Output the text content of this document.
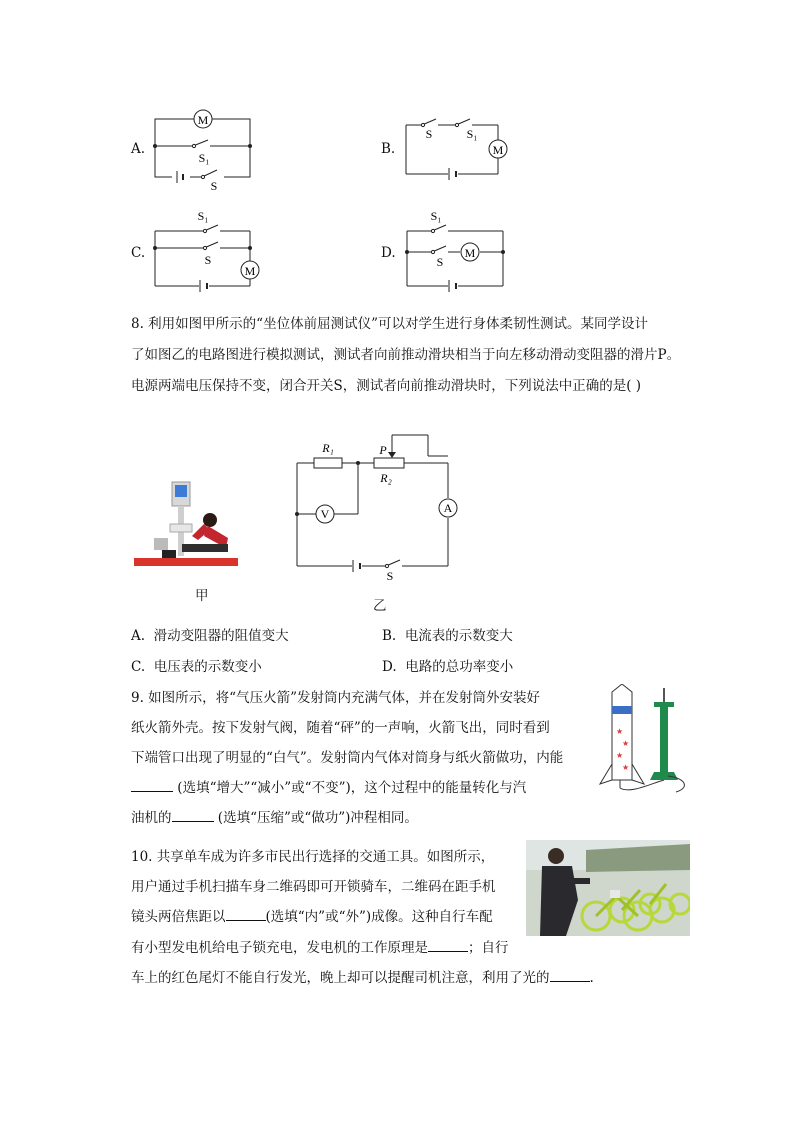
A.
M
S₁
S
B.	M
S	S₁
C.
M
S₁
S	D.	M
S₁
S
8. 利用如图甲所示的“坐位体前屈测试仪”可以对学生进行身体柔韧性测试。某同学设计
了如图乙的电路图进行模拟测试，测试者向前推动滑块相当于向左移动滑动变阻器的滑片P。
电源两端电压保持不变，闭合开关S，测试者向前推动滑块时，下列说法中正确的是( )
甲
V	A
R₁	P
R₂
S
乙
A. 滑动变阻器的阻值变大	B. 电流表的示数变大
C. 电压表的示数变小	D. 电路的总功率变小
9. 如图所示，将“气压火箭”发射筒内充满气体，并在发射筒外安装好
纸火箭外壳。按下发射气阀，随着“砰”的一声响，火箭飞出，同时看到
下端管口出现了明显的“白气”。发射筒内气体对筒身与纸火箭做功，内能
(选填“增大”“减小”或“不变”)，这个过程中的能量转化与汽
油机的	(选填“压缩”或“做功”)冲程相同。
★
★
★
★
10. 共享单车成为许多市民出行选择的交通工具。如图所示，
用户通过手机扫描车身二维码即可开锁骑车，二维码在距手机
镜头两倍焦距以	(选填“内”或“外”)成像。这种自行车配
有小型发电机给电子锁充电，发电机的工作原理是	；自行
车上的红色尾灯不能自行发光，晚上却可以提醒司机注意，利用了光的	.
